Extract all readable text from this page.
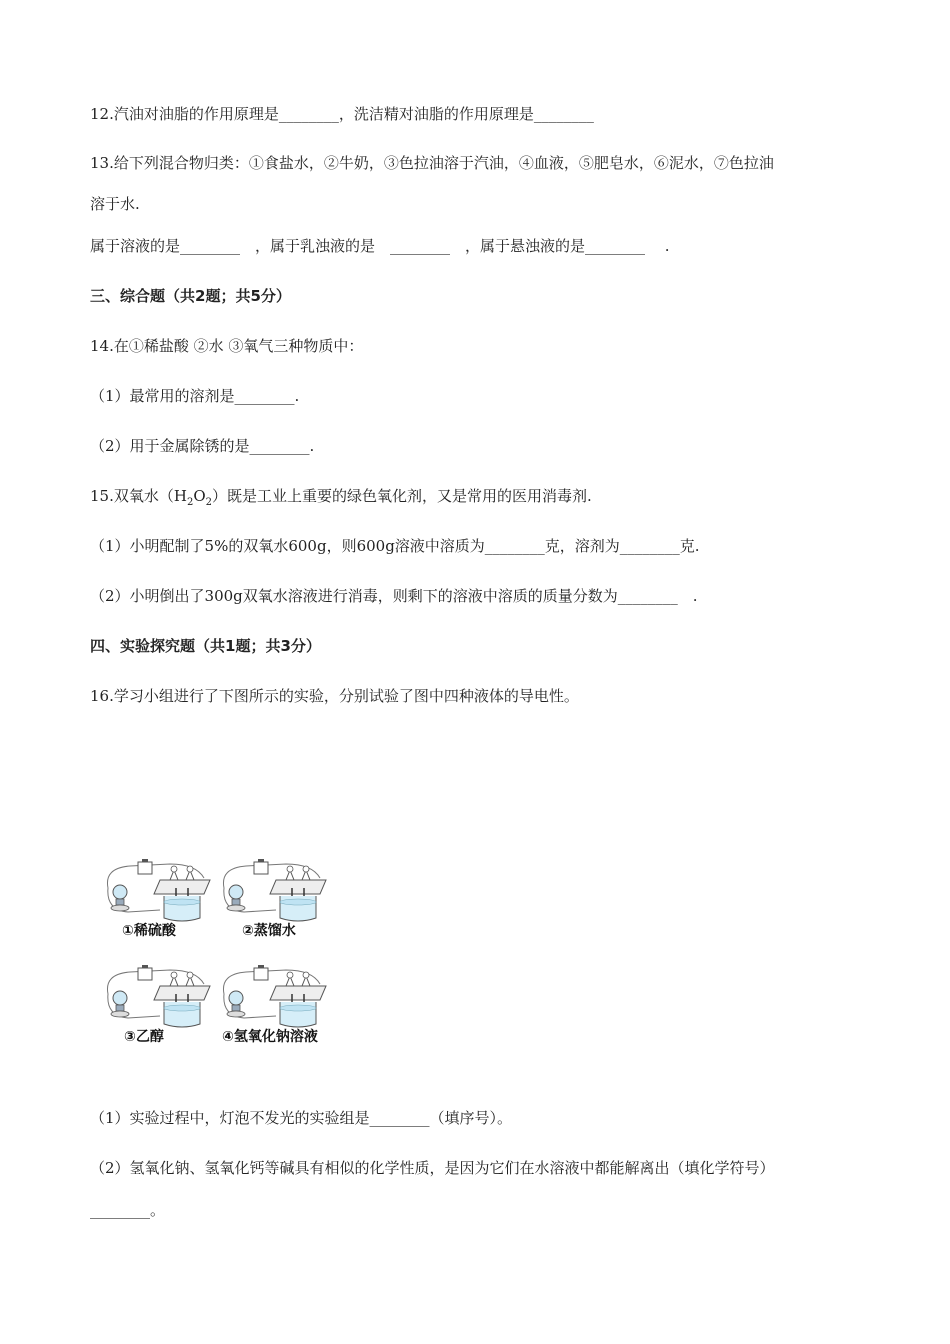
12.汽油对油脂的作用原理是________，洗洁精对油脂的作用原理是________
13.给下列混合物归类：①食盐水，②牛奶，③色拉油溶于汽油，④血液，⑤肥皂水，⑥泥水，⑦色拉油
溶于水.
属于溶液的是________　，属于乳浊液的是　________　，属于悬浊液的是________　 .
三、综合题（共2题；共5分）
14.在①稀盐酸 ②水 ③氧气三种物质中：
（1）最常用的溶剂是________.
（2）用于金属除锈的是________.
15.双氧水$(H_2O_2)$既是工业上重要的绿色氧化剂，又是常用的医用消毒剂.
（1）小明配制了5%的双氧水600g，则600g溶液中溶质为________克，溶剂为________克.
（2）小明倒出了300g双氧水溶液进行消毒，则剩下的溶液中溶质的质量分数为________　.
四、实验探究题（共1题；共3分）
16.学习小组进行了下图所示的实验，分别试验了图中四种液体的导电性。
①稀硫酸	②蒸馏水
③乙醇	④氢氧化钠溶液
（1）实验过程中，灯泡不发光的实验组是________（填序号）。
（2）氢氧化钠、氢氧化钙等碱具有相似的化学性质，是因为它们在水溶液中都能解离出（填化学符号）
________。
